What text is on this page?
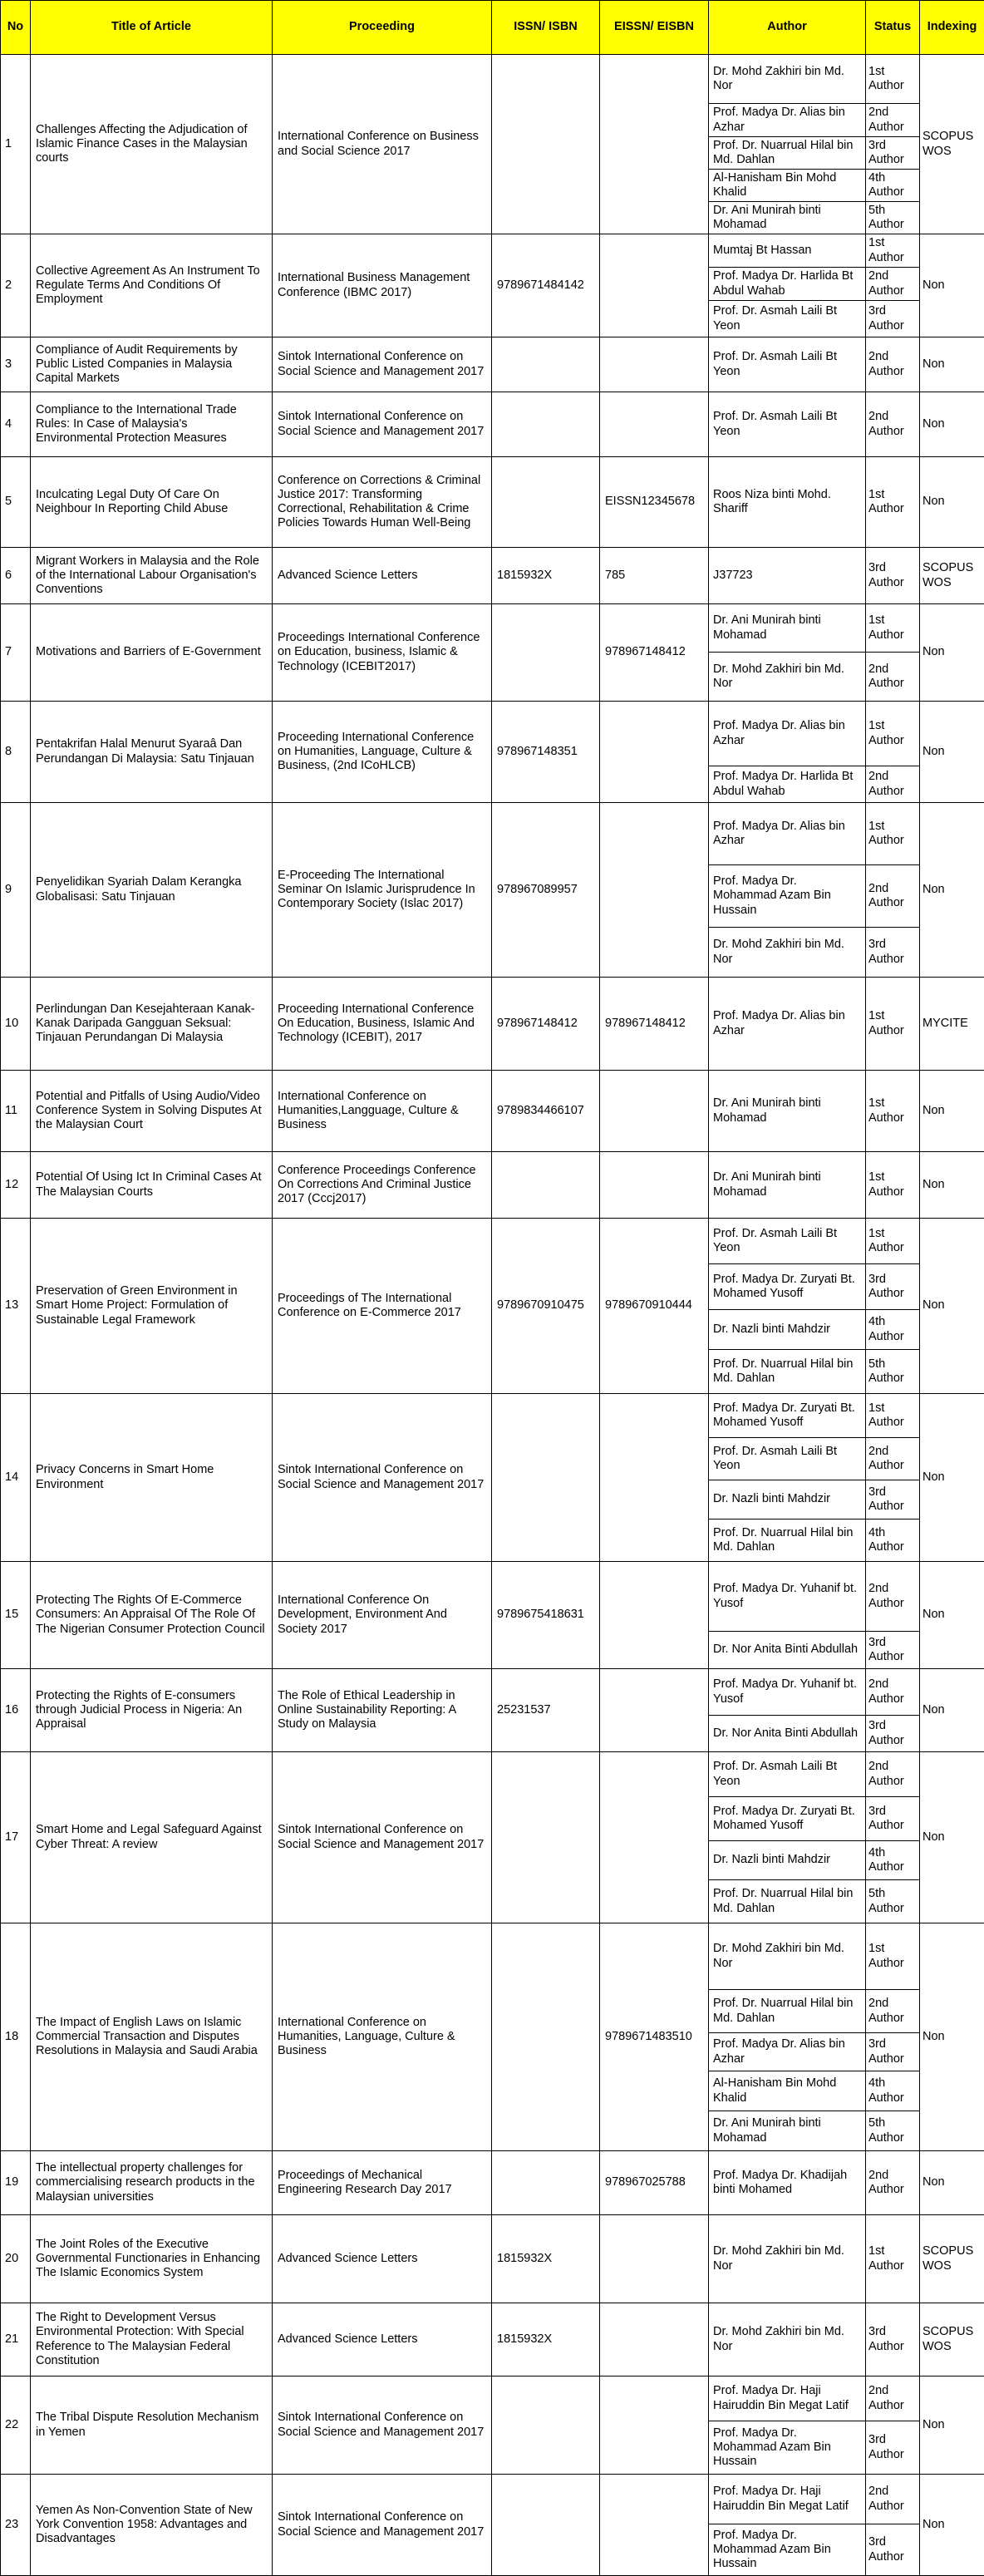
No	Title of Article	Proceeding	ISSN/ ISBN	EISSN/ EISBN	Author	Status	Indexing
1	Challenges Affecting the Adjudication of Islamic Finance Cases in the Malaysian courts	International Conference on Business and Social Science 2017			Dr. Mohd Zakhiri bin Md. Nor	1st Author	SCOPUS WOS
					Prof. Madya Dr. Alias bin Azhar	2nd Author	
					Prof. Dr. Nuarrual Hilal bin Md. Dahlan	3rd Author	
					Al-Hanisham Bin Mohd Khalid	4th Author	
					Dr. Ani Munirah binti Mohamad	5th Author	
2	Collective Agreement As An Instrument To Regulate Terms And Conditions Of Employment	International Business Management Conference (IBMC 2017)	9789671484142		Mumtaj Bt Hassan	1st Author	Non
					Prof. Madya Dr. Harlida Bt Abdul Wahab	2nd Author	
					Prof. Dr. Asmah Laili Bt Yeon	3rd Author	
3	Compliance of Audit Requirements by Public Listed Companies in Malaysia Capital Markets	Sintok International Conference on Social Science and Management 2017			Prof. Dr. Asmah Laili Bt Yeon	2nd Author	Non
4	Compliance to the International Trade Rules: In Case of Malaysia's Environmental Protection Measures	Sintok International Conference on Social Science and Management 2017			Prof. Dr. Asmah Laili Bt Yeon	2nd Author	Non
5	Inculcating Legal Duty Of Care On Neighbour In Reporting Child Abuse	Conference on Corrections & Criminal Justice 2017: Transforming Correctional, Rehabilitation & Crime Policies Towards Human Well-Being		EISSN12345678	Roos Niza binti Mohd. Shariff	1st Author	Non
6	Migrant Workers in Malaysia and the Role of the International Labour Organisation's Conventions	Advanced Science Letters	1815932X	785	J37723	3rd Author	SCOPUS WOS
7	Motivations and Barriers of E-Government	Proceedings International Conference on Education, business, Islamic & Technology (ICEBIT2017)		978967148412	Dr. Ani Munirah binti Mohamad	1st Author	Non
					Dr. Mohd Zakhiri bin Md. Nor	2nd Author	
8	Pentakrifan Halal Menurut Syaraâ Dan Perundangan Di Malaysia: Satu Tinjauan	Proceeding International Conference on Humanities, Language, Culture & Business, (2nd ICoHLCB)	978967148351		Prof. Madya Dr. Alias bin Azhar	1st Author	Non
					Prof. Madya Dr. Harlida Bt Abdul Wahab	2nd Author	
9	Penyelidikan Syariah Dalam Kerangka Globalisasi: Satu Tinjauan	E-Proceeding The International Seminar On Islamic Jurisprudence In Contemporary Society (Islac 2017)	978967089957		Prof. Madya Dr. Alias bin Azhar	1st Author	Non
					Prof. Madya Dr. Mohammad Azam Bin Hussain	2nd Author	
					Dr. Mohd Zakhiri bin Md. Nor	3rd Author	
10	Perlindungan Dan Kesejahteraan Kanak-Kanak Daripada Gangguan Seksual: Tinjauan Perundangan Di Malaysia	Proceeding International Conference On Education, Business, Islamic And Technology (ICEBIT), 2017	978967148412	978967148412	Prof. Madya Dr. Alias bin Azhar	1st Author	MYCITE
11	Potential and Pitfalls of Using Audio/Video Conference System in Solving Disputes At the Malaysian Court	International Conference on Humanities,Langguage, Culture & Business	9789834466107		Dr. Ani Munirah binti Mohamad	1st Author	Non
12	Potential Of Using Ict In Criminal Cases At The Malaysian Courts	Conference Proceedings Conference On Corrections And Criminal Justice 2017 (Cccj2017)			Dr. Ani Munirah binti Mohamad	1st Author	Non
13	Preservation of Green Environment in Smart Home Project: Formulation of Sustainable Legal Framework	Proceedings of The International Conference on E-Commerce 2017	9789670910475	9789670910444	Prof. Dr. Asmah Laili Bt Yeon	1st Author	Non
					Prof. Madya Dr. Zuryati Bt. Mohamed Yusoff	3rd Author	
					Dr. Nazli binti Mahdzir	4th Author	
					Prof. Dr. Nuarrual Hilal bin Md. Dahlan	5th Author	
14	Privacy Concerns in Smart Home Environment	Sintok International Conference on Social Science and Management 2017			Prof. Madya Dr. Zuryati Bt. Mohamed Yusoff	1st Author	Non
					Prof. Dr. Asmah Laili Bt Yeon	2nd Author	
					Dr. Nazli binti Mahdzir	3rd Author	
					Prof. Dr. Nuarrual Hilal bin Md. Dahlan	4th Author	
15	Protecting The Rights Of E-Commerce Consumers: An Appraisal Of The Role Of The Nigerian Consumer Protection Council	International Conference On Development, Environment And Society 2017	9789675418631		Prof. Madya Dr. Yuhanif bt. Yusof	2nd Author	Non
					Dr. Nor Anita Binti Abdullah	3rd Author	
16	Protecting the Rights of E-consumers through Judicial Process in Nigeria: An Appraisal	The Role of Ethical Leadership in Online Sustainability Reporting: A Study on Malaysia	25231537		Prof. Madya Dr. Yuhanif bt. Yusof	2nd Author	Non
					Dr. Nor Anita Binti Abdullah	3rd Author	
17	Smart Home and Legal Safeguard Against Cyber Threat: A review	Sintok International Conference on Social Science and Management 2017			Prof. Dr. Asmah Laili Bt Yeon	2nd Author	Non
					Prof. Madya Dr. Zuryati Bt. Mohamed Yusoff	3rd Author	
					Dr. Nazli binti Mahdzir	4th Author	
					Prof. Dr. Nuarrual Hilal bin Md. Dahlan	5th Author	
18	The Impact of English Laws on Islamic Commercial Transaction and Disputes Resolutions in Malaysia and Saudi Arabia	International Conference on Humanities, Language, Culture & Business		9789671483510	Dr. Mohd Zakhiri bin Md. Nor	1st Author	Non
					Prof. Dr. Nuarrual Hilal bin Md. Dahlan	2nd Author	
					Prof. Madya Dr. Alias bin Azhar	3rd Author	
					Al-Hanisham Bin Mohd Khalid	4th Author	
					Dr. Ani Munirah binti Mohamad	5th Author	
19	The intellectual property challenges for commercialising research products in the Malaysian universities	Proceedings of Mechanical Engineering Research Day 2017		978967025788	Prof. Madya Dr. Khadijah binti Mohamed	2nd Author	Non
20	The Joint Roles of the Executive Governmental Functionaries in Enhancing The Islamic Economics System	Advanced Science Letters	1815932X		Dr. Mohd Zakhiri bin Md. Nor	1st Author	SCOPUS WOS
21	The Right to Development Versus Environmental Protection: With Special Reference to The Malaysian Federal Constitution	Advanced Science Letters	1815932X		Dr. Mohd Zakhiri bin Md. Nor	3rd Author	SCOPUS WOS
22	The Tribal Dispute Resolution Mechanism in Yemen	Sintok International Conference on Social Science and Management 2017			Prof. Madya Dr. Haji Hairuddin Bin Megat Latif	2nd Author	Non
					Prof. Madya Dr. Mohammad Azam Bin Hussain	3rd Author	
23	Yemen As Non-Convention State of New York Convention 1958: Advantages and Disadvantages	Sintok International Conference on Social Science and Management 2017			Prof. Madya Dr. Haji Hairuddin Bin Megat Latif	2nd Author	Non
					Prof. Madya Dr. Mohammad Azam Bin Hussain	3rd Author	
